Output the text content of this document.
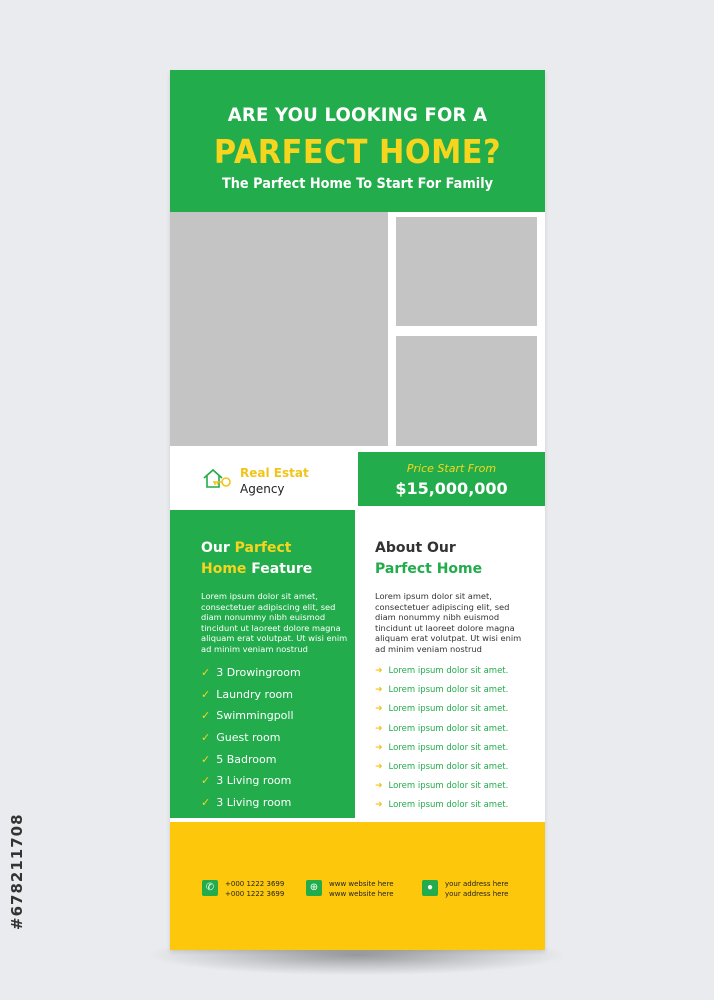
#678211708
ARE YOU LOOKING FOR A
PARFECT HOME?
The Parfect Home To Start For Family
Real Estat
Agency
Price Start From
$15,000,000
Our Parfect
Home Feature
Lorem ipsum dolor sit amet, consectetuer adipiscing elit, sed diam nonummy nibh euismod tincidunt ut laoreet dolore magna aliquam erat volutpat. Ut wisi enim ad minim veniam nostrud
✓ 3 Drowingroom
✓ Laundry room
✓ Swimmingpoll
✓ Guest room
✓ 5 Badroom
✓ 3 Living room
✓ 3 Living room
About Our
Parfect Home
Lorem ipsum dolor sit amet, consectetuer adipiscing elit, sed diam nonummy nibh euismod tincidunt ut laoreet dolore magna aliquam erat volutpat. Ut wisi enim ad minim veniam nostrud
➜ Lorem ipsum dolor sit amet.
➜ Lorem ipsum dolor sit amet.
➜ Lorem ipsum dolor sit amet.
➜ Lorem ipsum dolor sit amet.
➜ Lorem ipsum dolor sit amet.
➜ Lorem ipsum dolor sit amet.
➜ Lorem ipsum dolor sit amet.
➜ Lorem ipsum dolor sit amet.
✆	+000 1222 3699
+000 1222 3699
⊕	www website here
www website here
●	your address here
your address here
